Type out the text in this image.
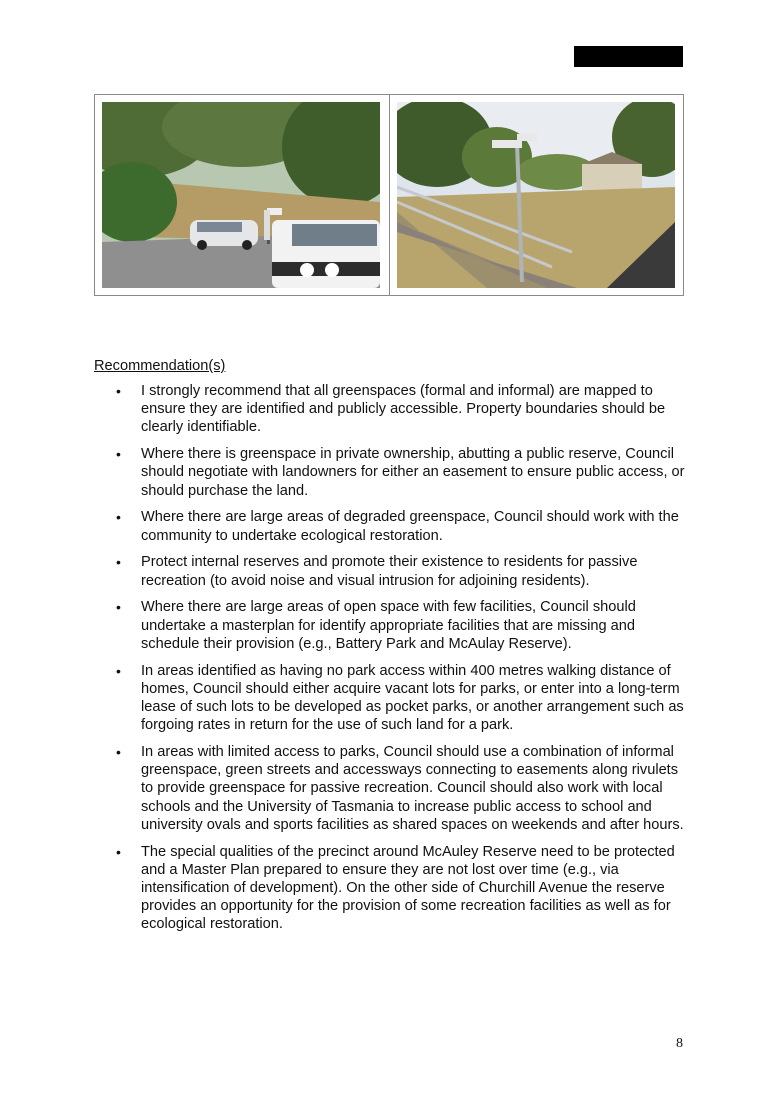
Recommendation(s)
• I strongly recommend that all greenspaces (formal and informal) are mapped to ensure they are identified and publicly accessible. Property boundaries should be clearly identifiable.
• Where there is greenspace in private ownership, abutting a public reserve, Council should negotiate with landowners for either an easement to ensure public access, or should purchase the land.
• Where there are large areas of degraded greenspace, Council should work with the community to undertake ecological restoration.
• Protect internal reserves and promote their existence to residents for passive recreation (to avoid noise and visual intrusion for adjoining residents).
• Where there are large areas of open space with few facilities, Council should undertake a masterplan for identify appropriate facilities that are missing and schedule their provision (e.g., Battery Park and McAulay Reserve).
• In areas identified as having no park access within 400 metres walking distance of homes, Council should either acquire vacant lots for parks, or enter into a long-term lease of such lots to be developed as pocket parks, or another arrangement such as forgoing rates in return for the use of such land for a park.
• In areas with limited access to parks, Council should use a combination of informal greenspace, green streets and accessways connecting to easements along rivulets to provide greenspace for passive recreation. Council should also work with local schools and the University of Tasmania to increase public access to school and university ovals and sports facilities as shared spaces on weekends and after hours.
• The special qualities of the precinct around McAuley Reserve need to be protected and a Master Plan prepared to ensure they are not lost over time (e.g., via intensification of development). On the other side of Churchill Avenue the reserve provides an opportunity for the provision of some recreation facilities as well as for ecological restoration.
8
